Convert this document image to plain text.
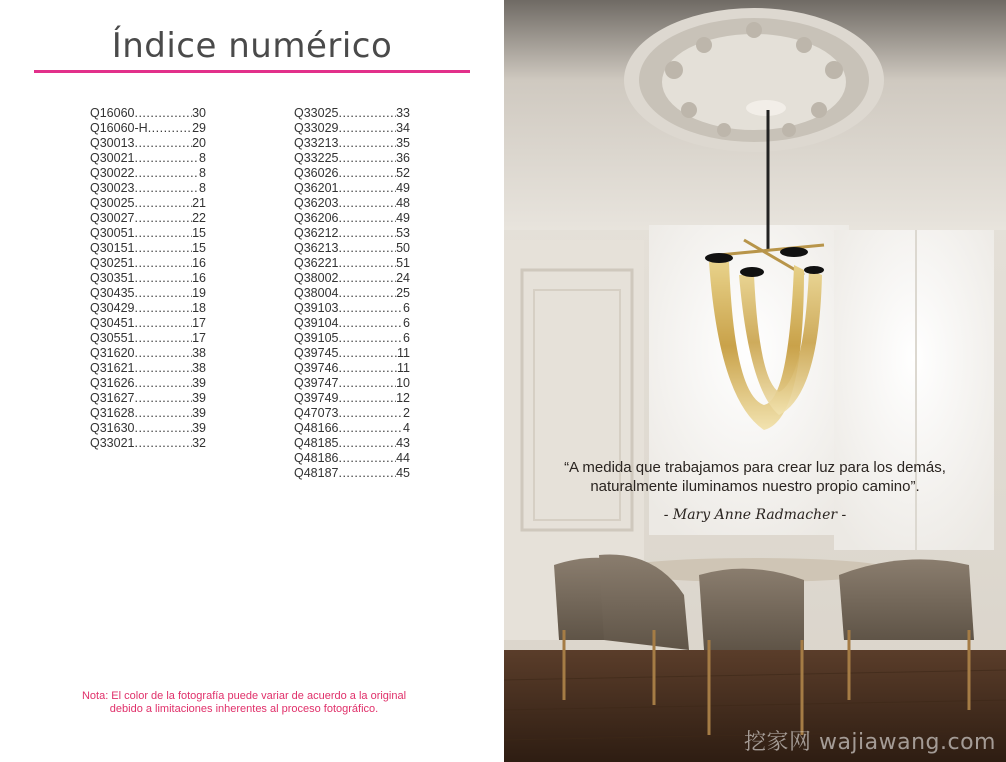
Índice numérico
Q16060 .....	30
Q16060-H .....	29
Q30013 .....	20
Q30021 .....	8
Q30022 .....	8
Q30023 .....	8
Q30025 .....	21
Q30027 .....	22
Q30051 .....	15
Q30151 .....	15
Q30251 .....	16
Q30351 .....	16
Q30435 .....	19
Q30429 .....	18
Q30451 .....	17
Q30551 .....	17
Q31620 .....	38
Q31621 .....	38
Q31626 .....	39
Q31627 .....	39
Q31628 .....	39
Q31630 .....	39
Q33021 .....	32
Q33025 .....	33
Q33029 .....	34
Q33213 .....	35
Q33225 .....	36
Q36026 .....	52
Q36201 .....	49
Q36203 .....	48
Q36206 .....	49
Q36212 .....	53
Q36213 .....	50
Q36221 .....	51
Q38002 .....	24
Q38004 .....	25
Q39103 .....	6
Q39104 .....	6
Q39105 .....	6
Q39745 .....	11
Q39746 .....	11
Q39747 .....	10
Q39749 .....	12
Q47073 .....	2
Q48166 .....	4
Q48185 .....	43
Q48186 .....	44
Q48187 .....	45
Nota: El color de la fotografía puede variar de acuerdo a la original
debido a limitaciones inherentes al proceso fotográfico.

“A medida que trabajamos para crear luz para los demás,

naturalmente iluminamos nuestro propio camino”.

- Mary Anne Radmacher -
挖家网 wajiawang.com
